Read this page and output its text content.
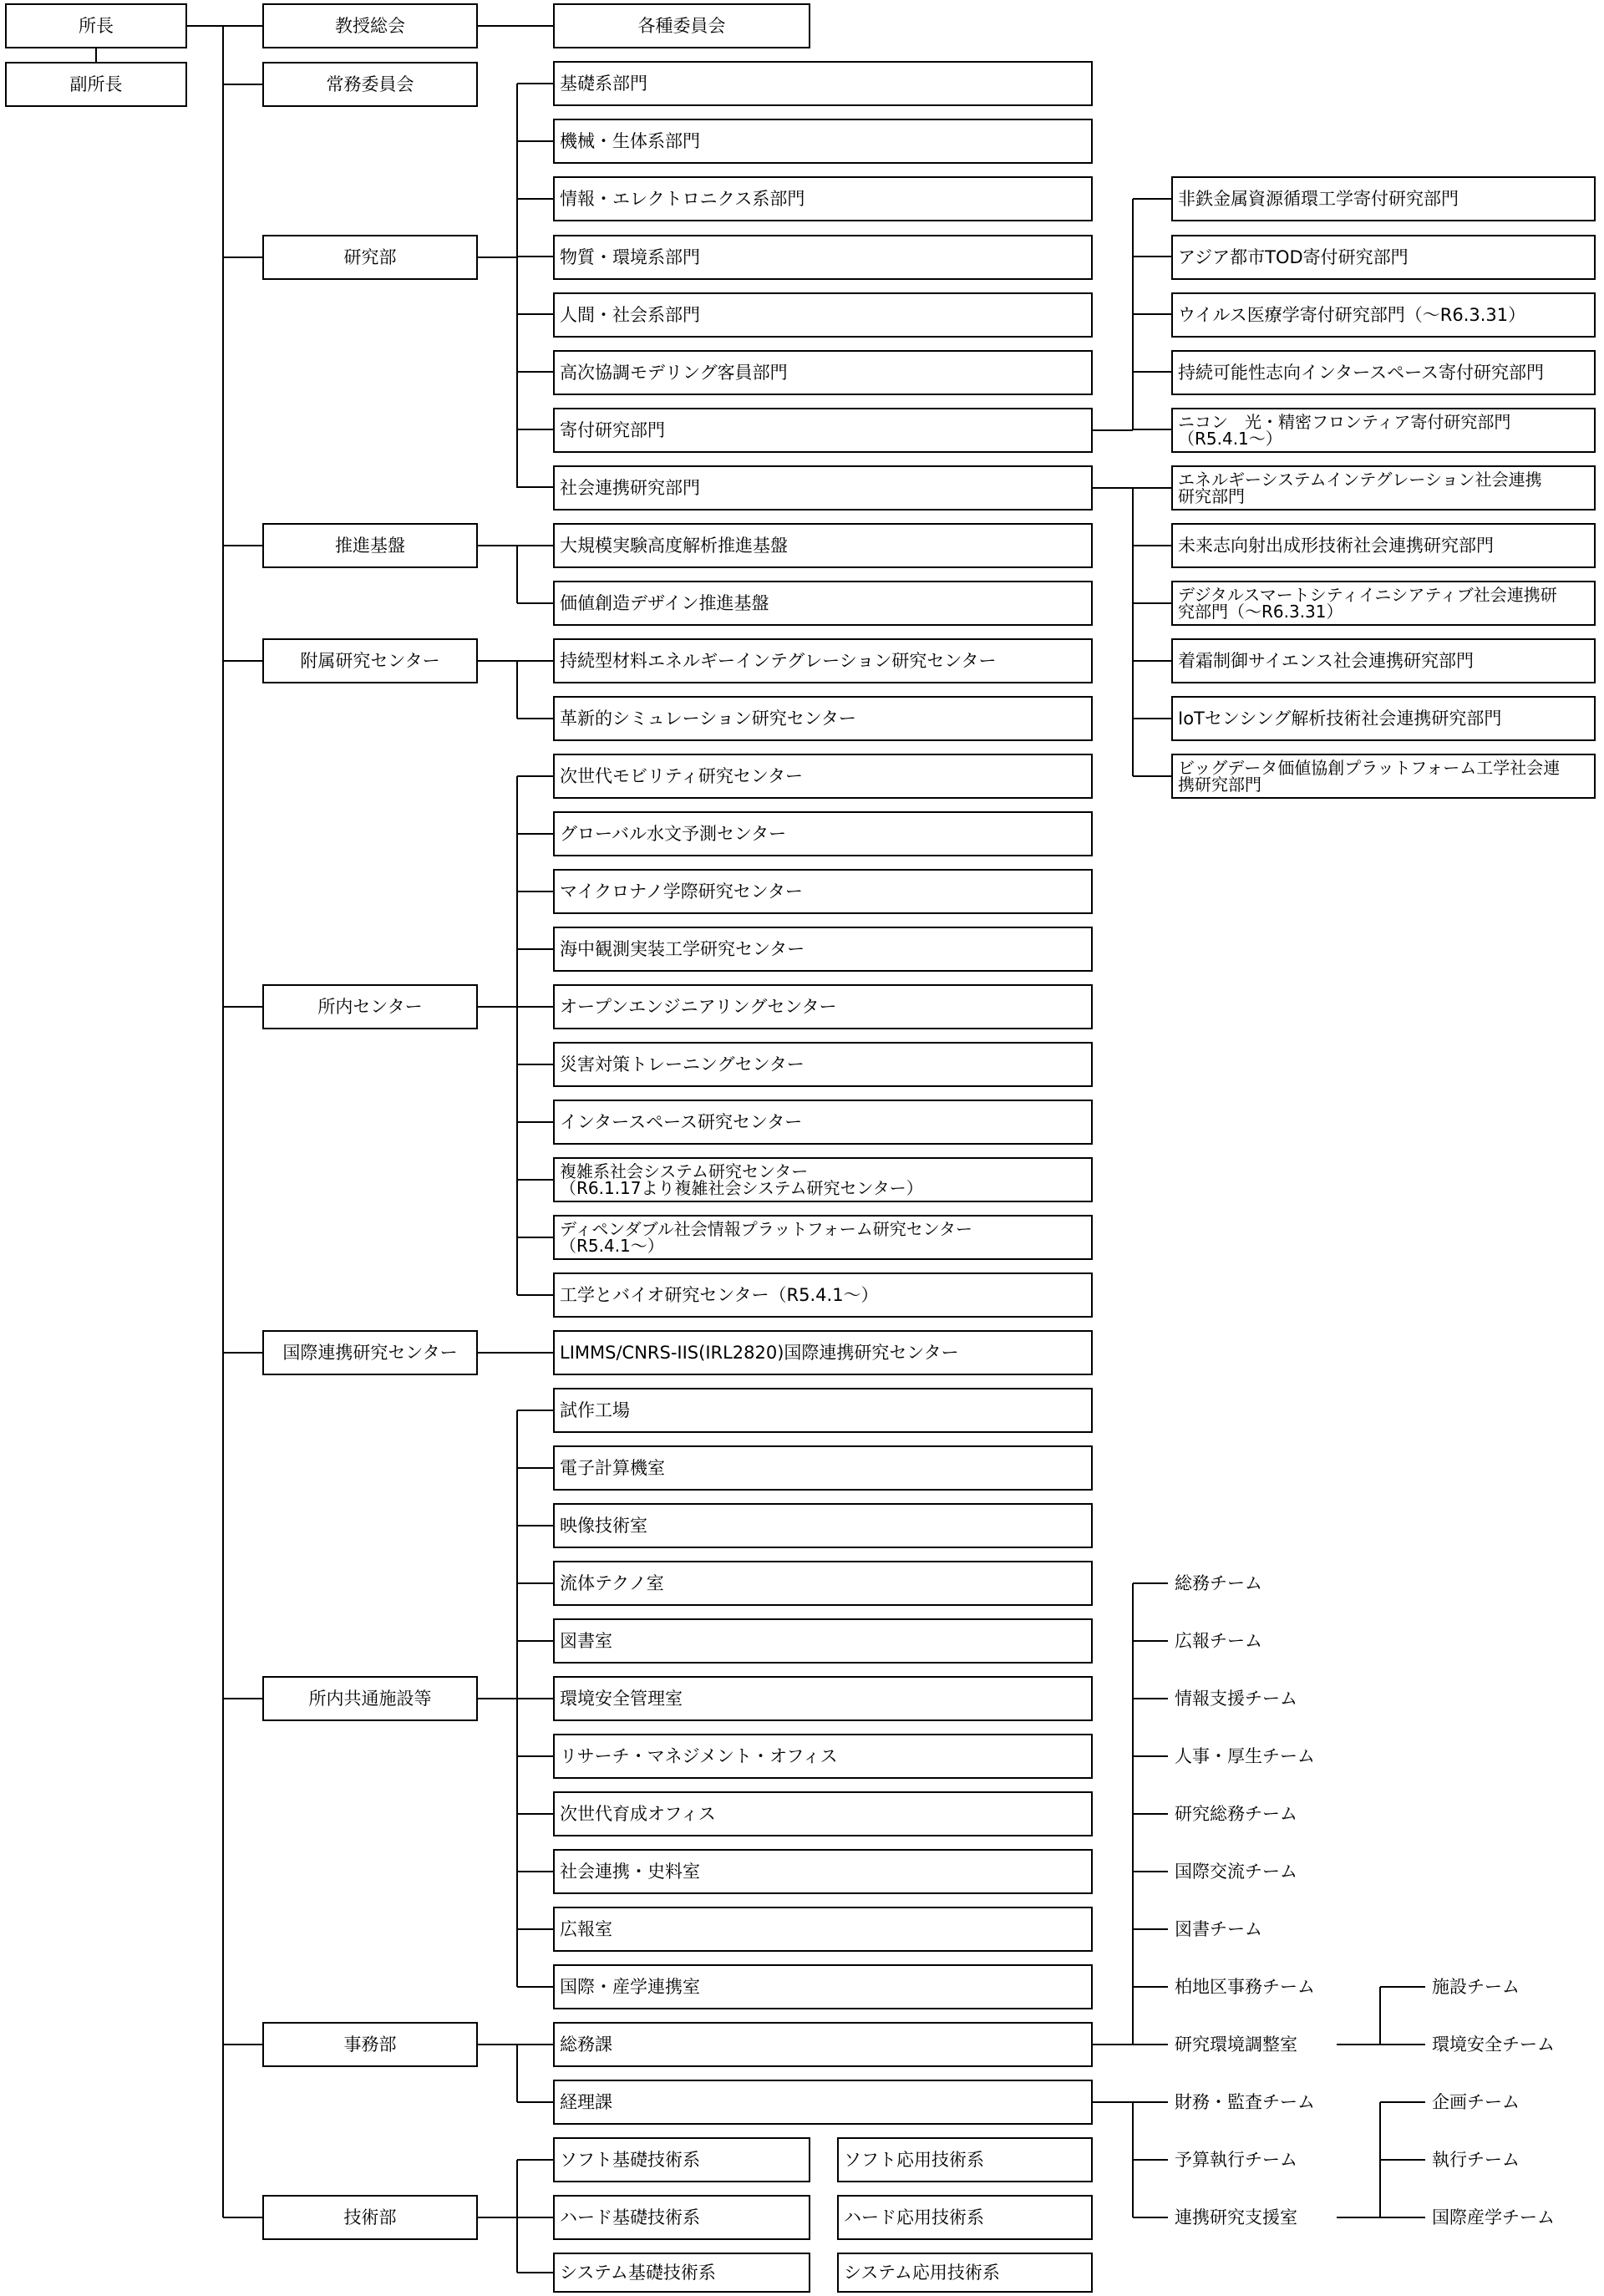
所長
副所長
教授総会	各種委員会
常務委員会
研究部
基礎系部門
機械・生体系部門
情報・エレクトロニクス系部門
物質・環境系部門
人間・社会系部門
高次協調モデリング客員部門
寄付研究部門
社会連携研究部門
非鉄金属資源循環工学寄付研究部門
アジア都市TOD寄付研究部門
ウイルス医療学寄付研究部門（～R6.3.31）
持続可能性志向インタースペース寄付研究部門
ニコン　光・精密フロンティア寄付研究部門
（R5.4.1～）
エネルギーシステムインテグレーション社会連携
研究部門
未来志向射出成形技術社会連携研究部門
デジタルスマートシティイニシアティブ社会連携研
究部門（～R6.3.31）
着霜制御サイエンス社会連携研究部門
IoTセンシング解析技術社会連携研究部門
ビッグデータ価値協創プラットフォーム工学社会連
携研究部門
推進基盤	大規模実験高度解析推進基盤
価値創造デザイン推進基盤
附属研究センター	持続型材料エネルギーインテグレーション研究センター
革新的シミュレーション研究センター
所内センター
次世代モビリティ研究センター
グローバル水文予測センター
マイクロナノ学際研究センター
海中観測実装工学研究センター
オープンエンジニアリングセンター
災害対策トレーニングセンター
インタースペース研究センター
複雑系社会システム研究センター
（R6.1.17より複雑社会システム研究センター）
ディペンダブル社会情報プラットフォーム研究センター
（R5.4.1～）
工学とバイオ研究センター（R5.4.1～）
国際連携研究センター	LIMMS/CNRS-IIS(IRL2820)国際連携研究センター
所内共通施設等
試作工場
電子計算機室
映像技術室
流体テクノ室
図書室
環境安全管理室
リサーチ・マネジメント・オフィス
次世代育成オフィス
社会連携・史料室
広報室
国際・産学連携室
事務部	総務課
経理課
総務チーム
広報チーム
情報支援チーム
人事・厚生チーム
研究総務チーム
国際交流チーム
図書チーム
柏地区事務チーム
研究環境調整室
施設チーム
環境安全チーム
財務・監査チーム
予算執行チーム
連携研究支援室
企画チーム
執行チーム
国際産学チーム
技術部
ソフト基礎技術系
ハード基礎技術系
システム基礎技術系
ソフト応用技術系
ハード応用技術系
システム応用技術系
